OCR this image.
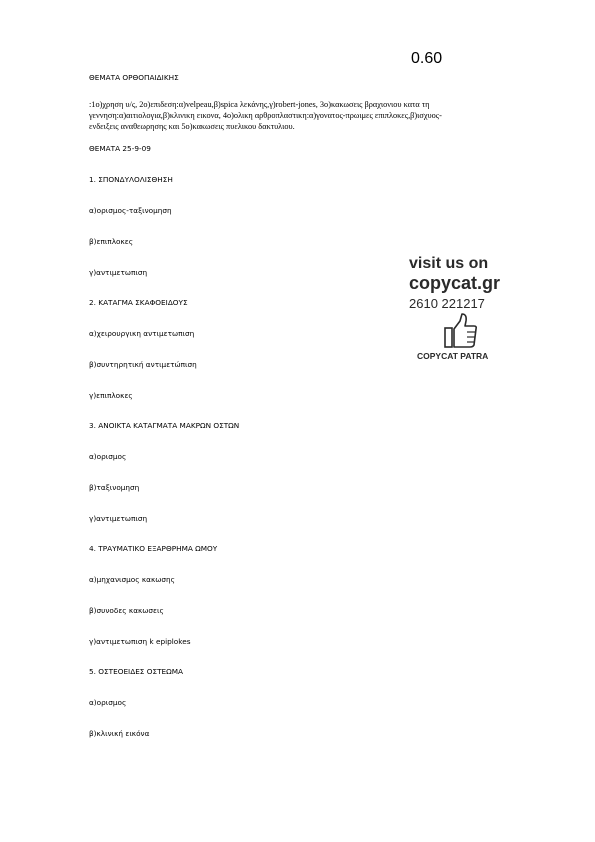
0.60
ΘΕΜΑΤΑ ΟΡΘΟΠΑΙΔΙΚΗΣ
:1ο)χρηση υ/ς, 2ο)επιδεση:α)velpeau,β)spica λεκάνης,γ)robert-jones, 3ο)κακωσεις βραχιονιου κατα τη γεννηση:α)αιτιολογια,β)κλινικη εικονα, 4ο)ολικη αρθροπλαστικη:α)γονατος-πρωιμες επιπλοκες,β)ισχυος-ενδειξεις αναθεωρησης και 5ο)κακωσεις πυελικου δακτυλιου.
ΘΕΜΑΤΑ 25-9-09
1. ΣΠΟΝΔΥΛΟΛΙΣΘΗΣΗ
α)ορισμος-ταξινομηση
β)επιπλοκες
γ)αντιμετωπιση
2. ΚΑΤΑΓΜΑ ΣΚΑΦΟΕΙΔΟΥΣ
α)χειρουργικη αντιμετωπιση
β)συντηρητική αντιμετώπιση
γ)επιπλοκες
3. ΑΝΟΙΚΤΑ ΚΑΤΑΓΜΑΤΑ ΜΑΚΡΩΝ ΟΣΤΩΝ
α)ορισμος
β)ταξινομηση
γ)αντιμετωπιση
4. ΤΡΑΥΜΑΤΙΚΟ ΕΞΑΡΘΡΗΜΑ ΩΜΟΥ
α)μηχανισμος κακωσης
β)συνοδες κακωσεις
γ)αντιμετωπιση k epiplokes
5. ΟΣΤΕΟΕΙΔΕΣ ΟΣΤΕΩΜΑ
α)ορισμος
β)κλινική εικόνα
visit us on
copycat.gr
2610 221217
COPYCAT PATRA
